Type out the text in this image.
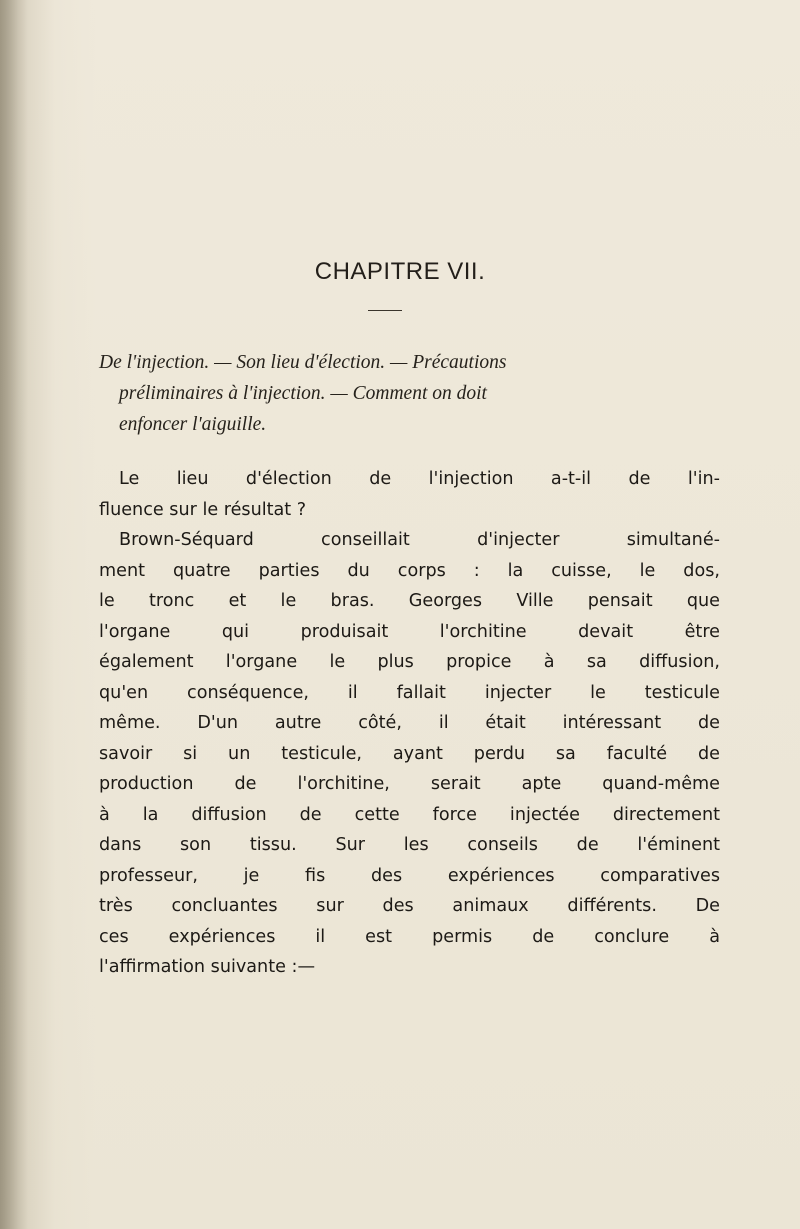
CHAPITRE VII.
De l'injection. — Son lieu d'élection. — Précautions
préliminaires à l'injection. — Comment on doit
enfoncer l'aiguille.
Le lieu d'élection de l'injection a-t-il de l'in-
fluence sur le résultat ?
Brown-Séquard conseillait d'injecter simultané-
ment quatre parties du corps : la cuisse, le dos,
le tronc et le bras. Georges Ville pensait que
l'organe qui produisait l'orchitine devait être
également l'organe le plus propice à sa diffusion,
qu'en conséquence, il fallait injecter le testicule
même. D'un autre côté, il était intéressant de
savoir si un testicule, ayant perdu sa faculté de
production de l'orchitine, serait apte quand-même
à la diffusion de cette force injectée directement
dans son tissu. Sur les conseils de l'éminent
professeur, je fis des expériences comparatives
très concluantes sur des animaux différents. De
ces expériences il est permis de conclure à
l'affirmation suivante :—
